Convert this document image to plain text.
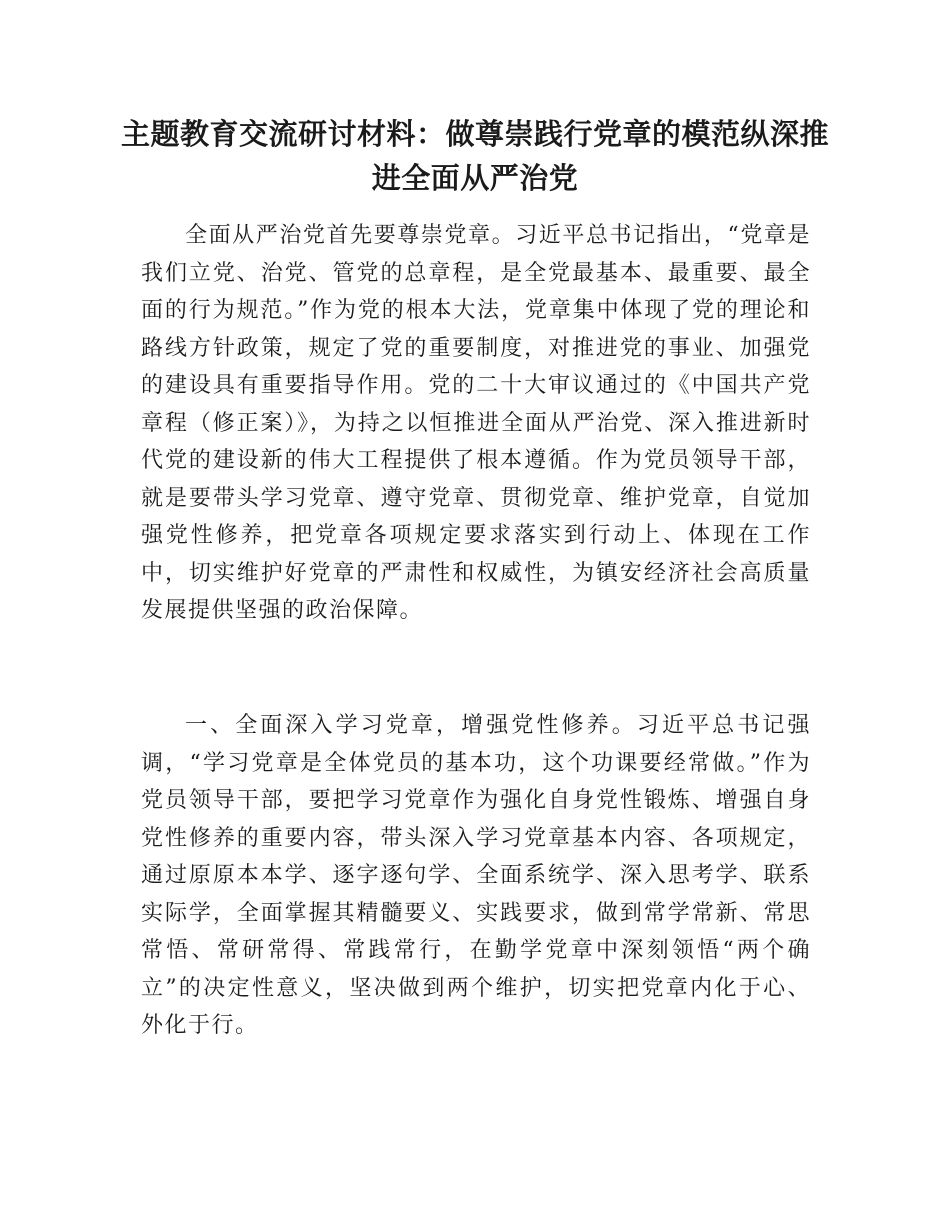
主题教育交流研讨材料：做尊崇践行党章的模范纵深推进全面从严治党

全面从严治党首先要尊崇党章。习近平总书记指出，“党章是我们立党、治党、管党的总章程，是全党最基本、最重要、最全面的行为规范。”作为党的根本大法，党章集中体现了党的理论和路线方针政策，规定了党的重要制度，对推进党的事业、加强党的建设具有重要指导作用。党的二十大审议通过的《中国共产党章程（修正案）》，为持之以恒推进全面从严治党、深入推进新时代党的建设新的伟大工程提供了根本遵循。作为党员领导干部，就是要带头学习党章、遵守党章、贯彻党章、维护党章，自觉加强党性修养，把党章各项规定要求落实到行动上、体现在工作中，切实维护好党章的严肃性和权威性，为镇安经济社会高质量发展提供坚强的政治保障。

一、全面深入学习党章，增强党性修养。习近平总书记强调，“学习党章是全体党员的基本功，这个功课要经常做。”作为党员领导干部，要把学习党章作为强化自身党性锻炼、增强自身党性修养的重要内容，带头深入学习党章基本内容、各项规定，通过原原本本学、逐字逐句学、全面系统学、深入思考学、联系实际学，全面掌握其精髓要义、实践要求，做到常学常新、常思常悟、常研常得、常践常行，在勤学党章中深刻领悟“两个确立”的决定性意义，坚决做到两个维护，切实把党章内化于心、外化于行。
